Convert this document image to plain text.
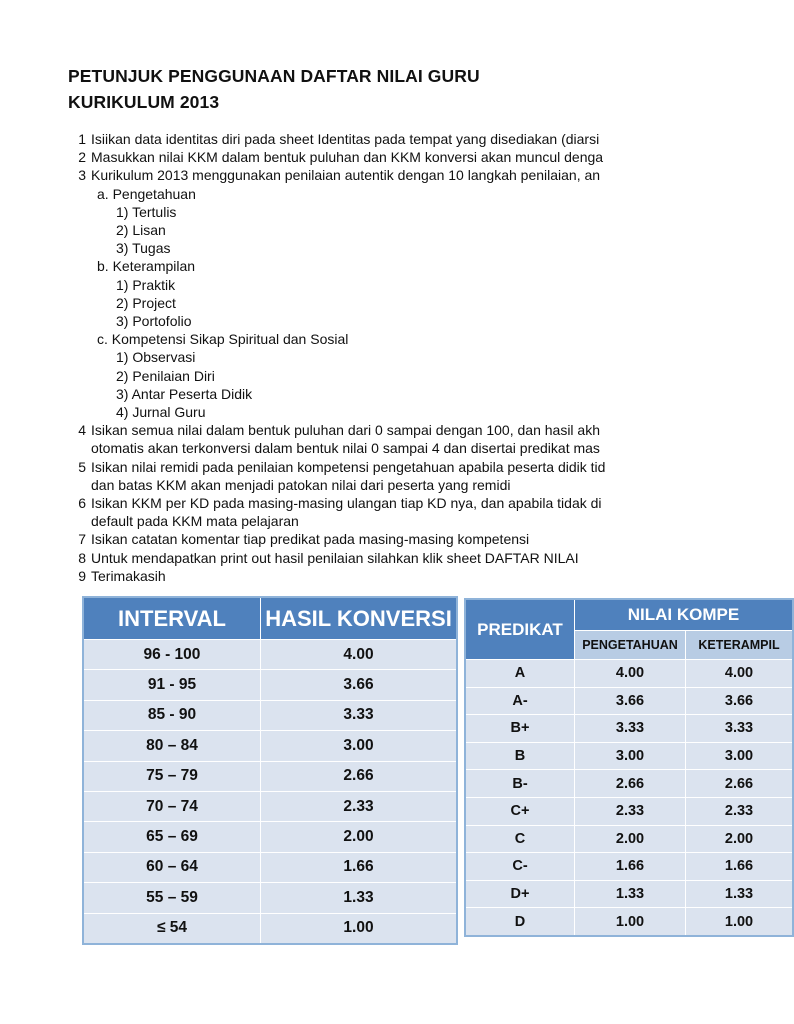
PETUNJUK PENGGUNAAN DAFTAR NILAI GURU
KURIKULUM 2013
1 Isiikan data identitas diri pada sheet Identitas pada tempat yang disediakan (diarsi
2 Masukkan nilai KKM dalam bentuk puluhan dan KKM konversi akan muncul denga
3 Kurikulum 2013 menggunakan penilaian autentik dengan 10 langkah penilaian, an
a. Pengetahuan
1) Tertulis
2) Lisan
3) Tugas
b. Keterampilan
1) Praktik
2) Project
3) Portofolio
c. Kompetensi Sikap Spiritual dan Sosial
1) Observasi
2) Penilaian Diri
3) Antar Peserta Didik
4) Jurnal Guru
4 Isikan semua nilai dalam bentuk puluhan dari 0 sampai dengan 100, dan hasil akh
otomatis akan terkonversi dalam bentuk nilai 0 sampai 4 dan disertai predikat mas
5 Isikan nilai remidi pada penilaian kompetensi pengetahuan apabila peserta didik tid
dan batas KKM akan menjadi patokan nilai dari peserta yang remidi
6 Isikan KKM per KD pada masing-masing ulangan tiap KD nya, dan apabila tidak di
default pada KKM mata pelajaran
7 Isikan catatan komentar tiap predikat pada masing-masing kompetensi
8 Untuk mendapatkan print out hasil penilaian silahkan klik sheet DAFTAR NILAI
9 Terimakasih
INTERVAL	HASIL KONVERSI
96 - 100	4.00
91 - 95	3.66
85 - 90	3.33
80 – 84	3.00
75 – 79	2.66
70 – 74	2.33
65 – 69	2.00
60 – 64	1.66
55 – 59	1.33
≤ 54	1.00
PREDIKAT	NILAI KOMPE	
	PENGETAHUAN	KETERAMPIL
A	4.00	4.00
A-	3.66	3.66
B+	3.33	3.33
B	3.00	3.00
B-	2.66	2.66
C+	2.33	2.33
C	2.00	2.00
C-	1.66	1.66
D+	1.33	1.33
D	1.00	1.00
